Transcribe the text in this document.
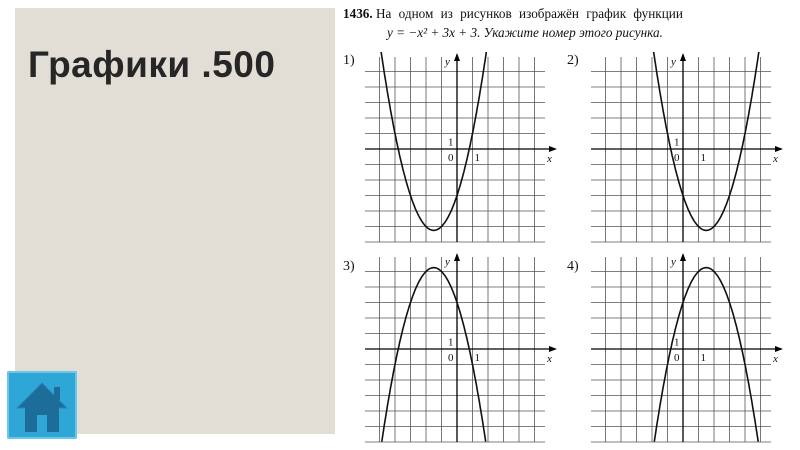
Графики .500
1436. На одном из рисунков изображён график функции
y = −x² + 3x + 3. Укажите номер этого рисунка.
1)
x
y
1
0 1
2)
x
y
1
0 1
3)
x
y
1
0 1
4)
x
y
1
0 1
